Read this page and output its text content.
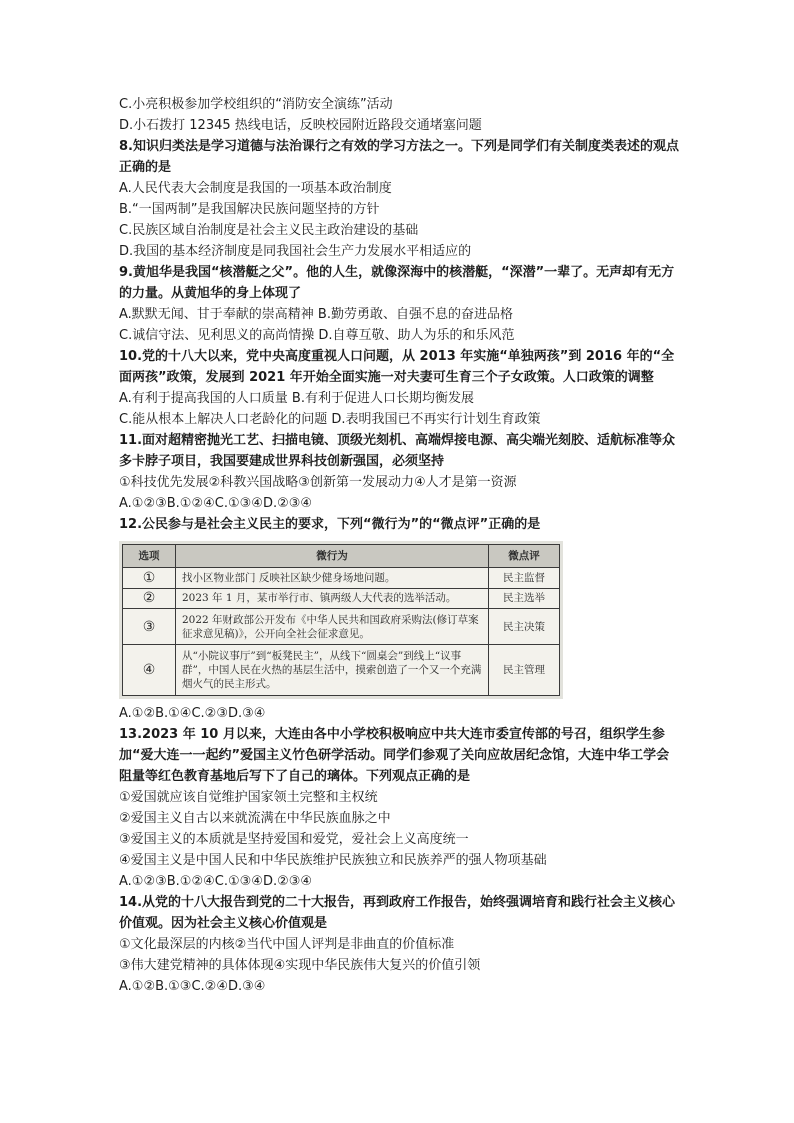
C.小亮积极参加学校组织的“消防安全演练”活动
D.小石拨打 12345 热线电话，反映校园附近路段交通堵塞问题
8.知识归类法是学习道德与法治课行之有效的学习方法之一。下列是同学们有关制度类表述的观点正确的是
A.人民代表大会制度是我国的一项基本政治制度
B.“一国两制”是我国解决民族问题坚持的方针
C.民族区域自治制度是社会主义民主政治建设的基础
D.我国的基本经济制度是同我国社会生产力发展水平相适应的
9.黄旭华是我国“核潜艇之父”。他的人生，就像深海中的核潜艇，“深潜”一辈了。无声却有无方的力量。从黄旭华的身上体现了
A.默默无闻、甘于奉献的崇高精神 B.勤劳勇敢、自强不息的奋进品格
C.诚信守法、见利思义的高尚情操 D.自尊互敬、助人为乐的和乐风范
10.党的十八大以来，党中央高度重视人口问题，从 2013 年实施“单独两孩”到 2016 年的“全面两孩”政策，发展到 2021 年开始全面实施一对夫妻可生育三个子女政策。人口政策的调整
A.有利于提高我国的人口质量 B.有利于促进人口长期均衡发展
C.能从根本上解决人口老龄化的问题 D.表明我国已不再实行计划生育政策
11.面对超精密抛光工艺、扫描电镜、顶级光刻机、高端焊接电源、高尖端光刻胶、适航标准等众多卡脖子项目，我国要建成世界科技创新强国，必须坚持
①科技优先发展②科教兴国战略③创新第一发展动力④人才是第一资源
A.①②③B.①②④C.①③④D.②③④
12.公民参与是社会主义民主的要求，下列“微行为”的“微点评”正确的是
选项	微行为	微点评
①	找小区物业部门 反映社区缺少健身场地问题。	民主监督
②	2023 年 1 月，某市举行市、镇两级人大代表的选举活动。	民主选举
③	2022 年财政部公开发布《中华人民共和国政府采购法(修订草案征求意见稿)》，公开向全社会征求意见。	民主决策
④	从“小院议事厅”到“板凳民主”，从线下“圆桌会”到线上“议事群”，中国人民在火热的基层生活中，摸索创造了一个又一个充满烟火气的民主形式。	民主管理
A.①②B.①④C.②③D.③④
13.2023 年 10 月以来，大连由各中小学校积极响应中共大连市委宣传部的号召，组织学生参加“爱大连一一起约”爱国主义竹色研学活动。同学们参观了关向应故居纪念馆，大连中华工学会阻量等红色教育基地后写下了自己的璃体。下列观点正确的是
①爱国就应该自觉维护国家领土完整和主权统
②爱国主义自古以来就流满在中华民族血脉之中
③爱国主义的本质就是坚持爱国和爱党，爱社会上义高度统一
④爱国主义是中国人民和中华民族维护民族独立和民族养严的强人物项基础
A.①②③B.①②④C.①③④D.②③④
14.从党的十八大报告到党的二十大报告，再到政府工作报告，始终强调培育和践行社会主义核心价值观。因为社会主义核心价值观是
①文化最深层的内核②当代中国人评判是非曲直的价值标准
③伟大建党精神的具体体现④实现中华民族伟大复兴的价值引领
A.①②B.①③C.②④D.③④
